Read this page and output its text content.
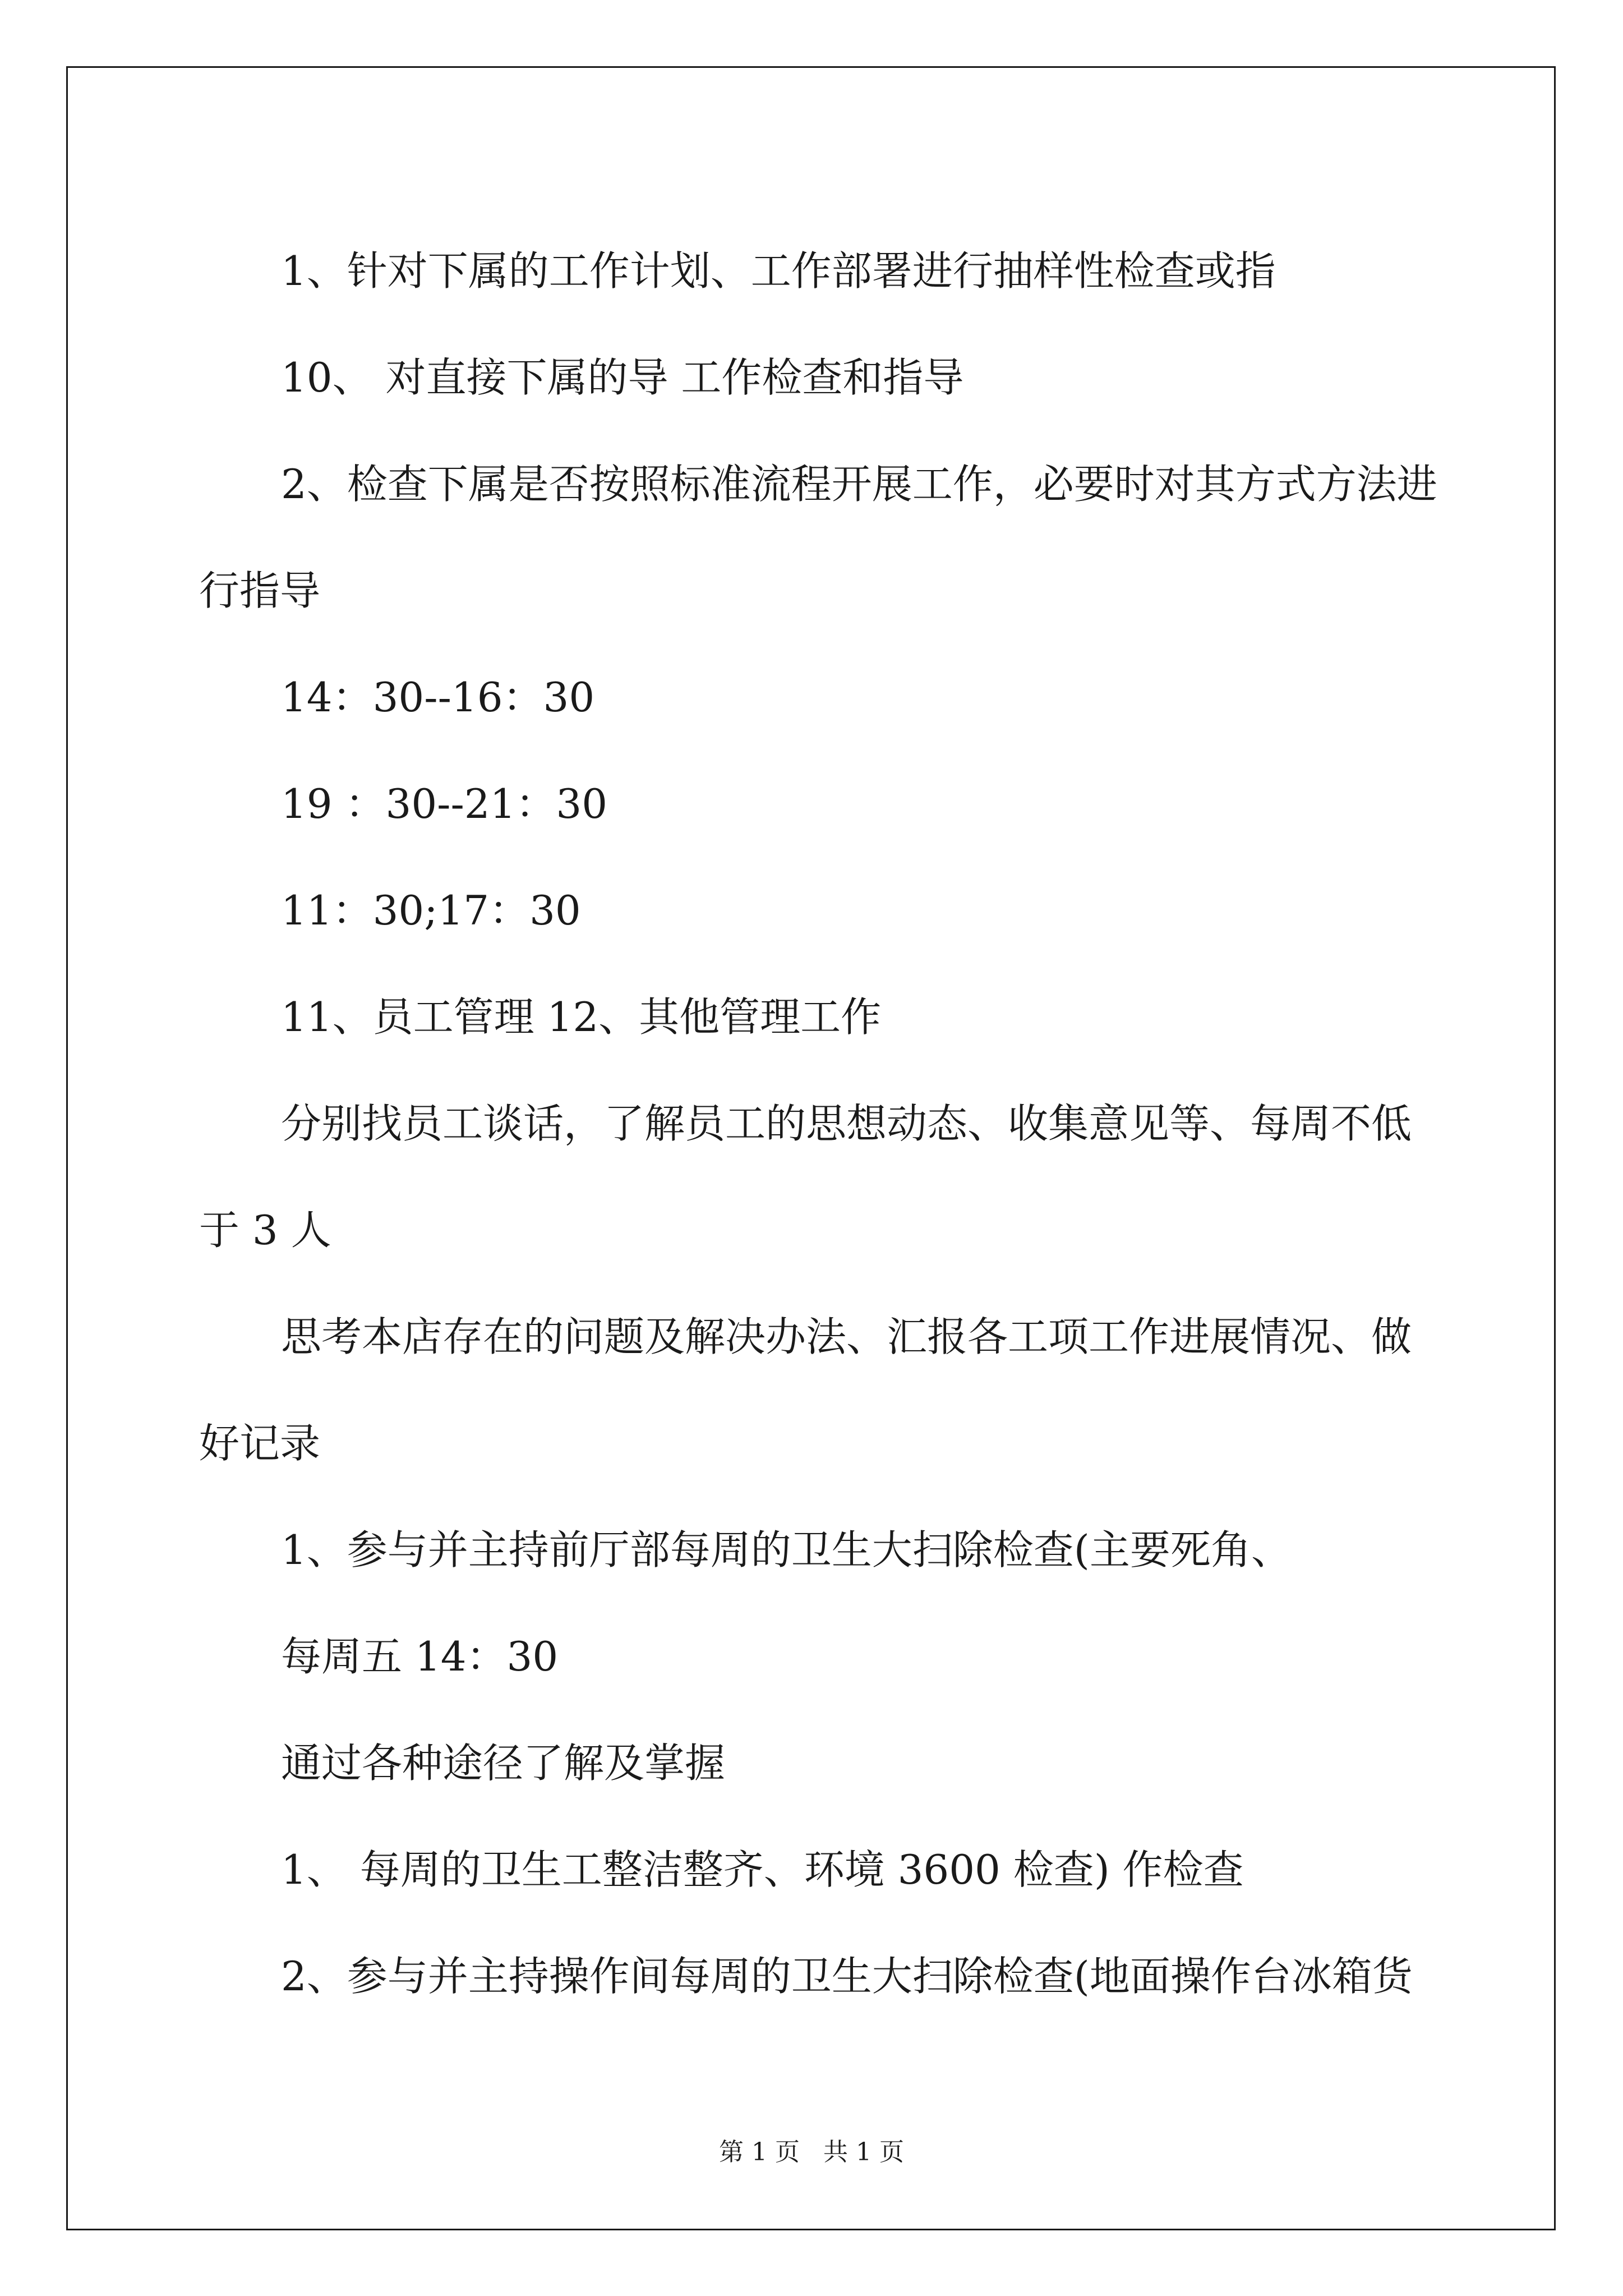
1、针对下属的工作计划、工作部署进行抽样性检查或指
10、 对直接下属的导 工作检查和指导
2、检查下属是否按照标准流程开展工作，必要时对其方式方法进
行指导
14：30--16：30
19 ：30--21：30
11：30;17：30
11、员工管理 12、其他管理工作
分别找员工谈话，了解员工的思想动态、收集意见等、每周不低
于 3 人
思考本店存在的问题及解决办法、汇报各工项工作进展情况、做
好记录
1、参与并主持前厅部每周的卫生大扫除检查(主要死角、
每周五 14：30
通过各种途径了解及掌握
1、 每周的卫生工整洁整齐、环境 3600 检查) 作检查
2、参与并主持操作间每周的卫生大扫除检查(地面操作台冰箱货
第 1 页   共 1 页
